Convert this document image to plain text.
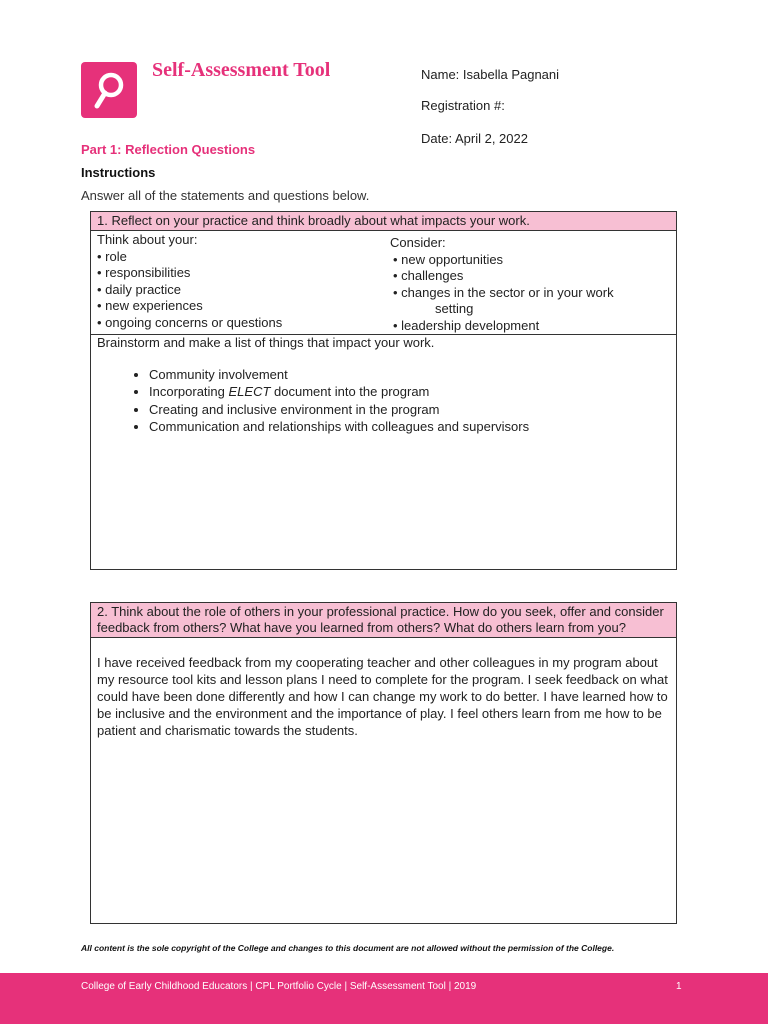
Self-Assessment Tool	Name: Isabella Pagnani
Registration #:
Date: April 2, 2022
Part 1: Reflection Questions
Instructions
Answer all of the statements and questions below.
1. Reflect on your practice and think broadly about what impacts your work.
Think about your:
• role
• responsibilities
• daily practice
• new experiences
• ongoing concerns or questions
Consider:
• new opportunities
• challenges
• changes in the sector or in your work
setting
• leadership development
Brainstorm and make a list of things that impact your work.
• Community involvement
• Incorporating ELECT document into the program
• Creating and inclusive environment in the program
• Communication and relationships with colleagues and supervisors
2. Think about the role of others in your professional practice. How do you seek, offer and consider feedback from others? What have you learned from others? What do others learn from you?
I have received feedback from my cooperating teacher and other colleagues in my program about my resource tool kits and lesson plans I need to complete for the program. I seek feedback on what could have been done differently and how I can change my work to do better. I have learned how to be inclusive and the environment and the importance of play. I feel others learn from me how to be patient and charismatic towards the students.
All content is the sole copyright of the College and changes to this document are not allowed without the permission of the College.
College of Early Childhood Educators | CPL Portfolio Cycle | Self-Assessment Tool | 2019	1
